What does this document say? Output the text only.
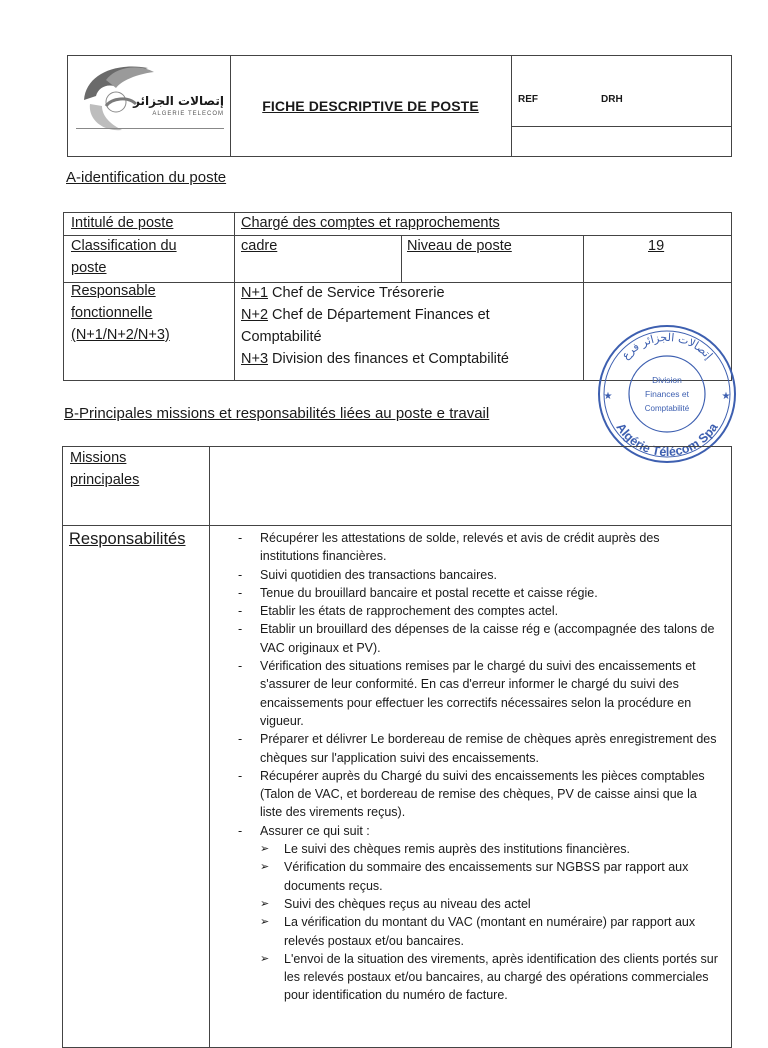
إتصالات الجزائر
ALGERIE TELECOM	FICHE DESCRIPTIVE DE POSTE	REF	DRH
A-identification du poste
Intitulé de poste	Chargé des comptes et rapprochements
Classification du
poste
cadre	Niveau de poste	19
Responsable
fonctionnelle
(N+1/N+2/N+3)
N+1 Chef de Service Trésorerie
N+2 Chef de Département Finances et
Comptabilité
N+3 Division des finances et Comptabilité	إتصالات الجزائر فرع
Algérie Télécom Spa
★	★
Division
Finances et
Comptabilité
B-Principales missions et responsabilités liées au poste e travail
Missions
principales
Responsabilités
-	Récupérer les attestations de solde, relevés et avis de crédit auprès des institutions financières.
- Suivi quotidien des transactions bancaires.
- Tenue du brouillard bancaire et postal recette et caisse régie.
- Etablir les états de rapprochement des comptes actel.
- Etablir un brouillard des dépenses de la caisse rég e (accompagnée des talons de VAC originaux et PV).
- Vérification des situations remises par le chargé du suivi des encaissements et s'assurer de leur conformité. En cas d'erreur informer le chargé du suivi des encaissements pour effectuer les correctifs nécessaires selon la procédure en vigueur.
- Préparer et délivrer Le bordereau de remise de chèques après enregistrement des chèques sur l'application suivi des encaissements.
- Récupérer auprès du Chargé du suivi des encaissements les pièces comptables (Talon de VAC, et bordereau de remise des chèques, PV de caisse ainsi que la liste des virements reçus).
- Assurer ce qui suit :
➢ Le suivi des chèques remis auprès des institutions financières.
➢ Vérification du sommaire des encaissements sur NGBSS par rapport aux documents reçus.
➢ Suivi des chèques reçus au niveau des actel
➢ La vérification du montant du VAC (montant en numéraire) par rapport aux relevés postaux et/ou bancaires.
➢ L'envoi de la situation des virements, après identification des clients portés sur les relevés postaux et/ou bancaires, au chargé des opérations commerciales pour identification du numéro de facture.
